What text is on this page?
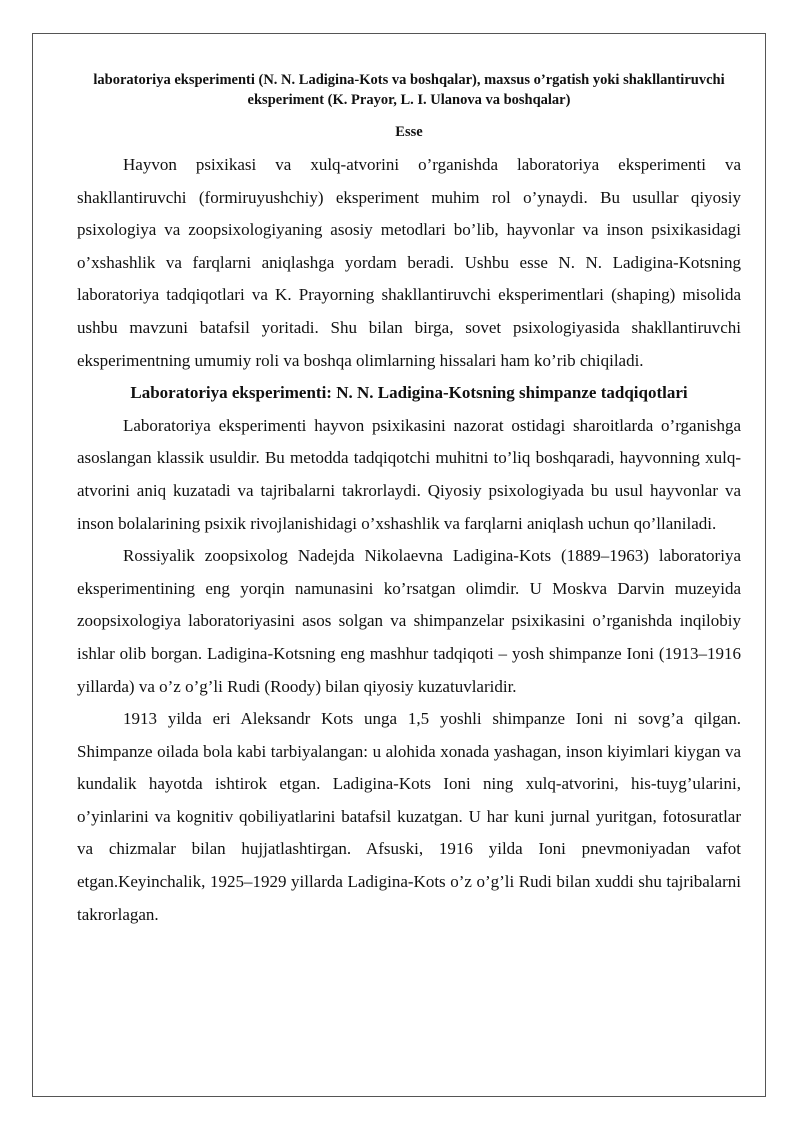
laboratoriya eksperimenti (N. N. Ladigina-Kots va boshqalar), maxsus o’rgatish yoki shakllantiruvchi eksperiment (K. Prayor, L. I. Ulanova va boshqalar)

Esse

Hayvon psixikasi va xulq-atvorini o’rganishda laboratoriya eksperimenti va shakllantiruvchi (formiruyushchiy) eksperiment muhim rol o’ynaydi. Bu usullar qiyosiy psixologiya va zoopsixologiyaning asosiy metodlari bo’lib, hayvonlar va inson psixikasidagi o’xshashlik va farqlarni aniqlashga yordam beradi. Ushbu esse N. N. Ladigina-Kotsning laboratoriya tadqiqotlari va K. Prayorning shakllantiruvchi eksperimentlari (shaping) misolida ushbu mavzuni batafsil yoritadi. Shu bilan birga, sovet psixologiyasida shakllantiruvchi eksperimentning umumiy roli va boshqa olimlarning hissalari ham ko’rib chiqiladi.

Laboratoriya eksperimenti: N. N. Ladigina-Kotsning shimpanze tadqiqotlari

Laboratoriya eksperimenti hayvon psixikasini nazorat ostidagi sharoitlarda o’rganishga asoslangan klassik usuldir. Bu metodda tadqiqotchi muhitni to’liq boshqaradi, hayvonning xulq-atvorini aniq kuzatadi va tajribalarni takrorlaydi. Qiyosiy psixologiyada bu usul hayvonlar va inson bolalarining psixik rivojlanishidagi o’xshashlik va farqlarni aniqlash uchun qo’llaniladi.

Rossiyalik zoopsixolog Nadejda Nikolaevna Ladigina-Kots (1889–1963) laboratoriya eksperimentining eng yorqin namunasini ko’rsatgan olimdir. U Moskva Darvin muzeyida zoopsixologiya laboratoriyasini asos solgan va shimpanzelar psixikasini o’rganishda inqilobiy ishlar olib borgan. Ladigina-Kotsning eng mashhur tadqiqoti – yosh shimpanze Ioni (1913–1916 yillarda) va o’z o’g’li Rudi (Roody) bilan qiyosiy kuzatuvlaridir.

1913 yilda eri Aleksandr Kots unga 1,5 yoshli shimpanze Ioni ni sovg’a qilgan. Shimpanze oilada bola kabi tarbiyalangan: u alohida xonada yashagan, inson kiyimlari kiygan va kundalik hayotda ishtirok etgan. Ladigina-Kots Ioni ning xulq-atvorini, his-tuyg’ularini, o’yinlarini va kognitiv qobiliyatlarini batafsil kuzatgan. U har kuni jurnal yuritgan, fotosuratlar va chizmalar bilan hujjatlashtirgan. Afsuski, 1916 yilda Ioni pnevmoniyadan vafot etgan.Keyinchalik, 1925–1929 yillarda Ladigina-Kots o’z o’g’li Rudi bilan xuddi shu tajribalarni takrorlagan.
